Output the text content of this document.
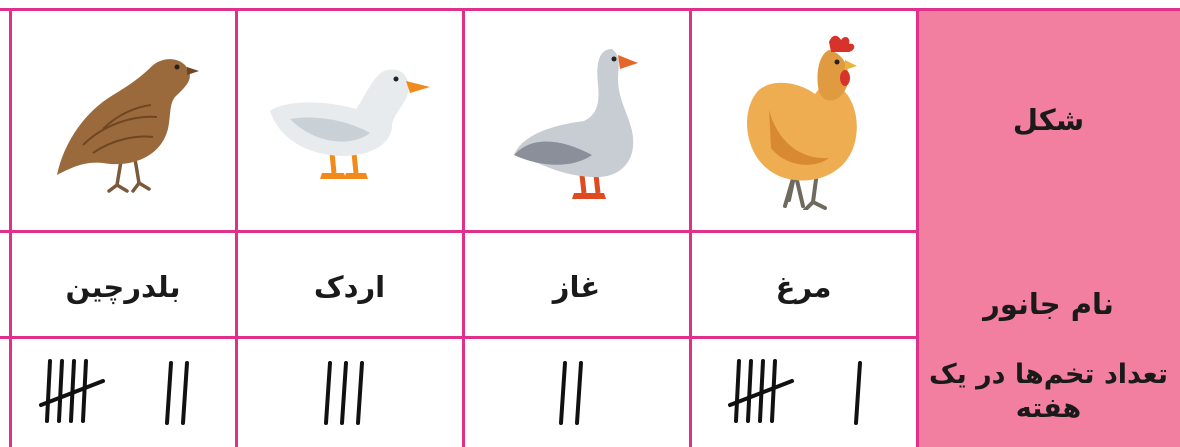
شکل
نام جانور
تعداد تخم‌ها در یک هفته
مرغ
غاز
اردک
بلدرچین
